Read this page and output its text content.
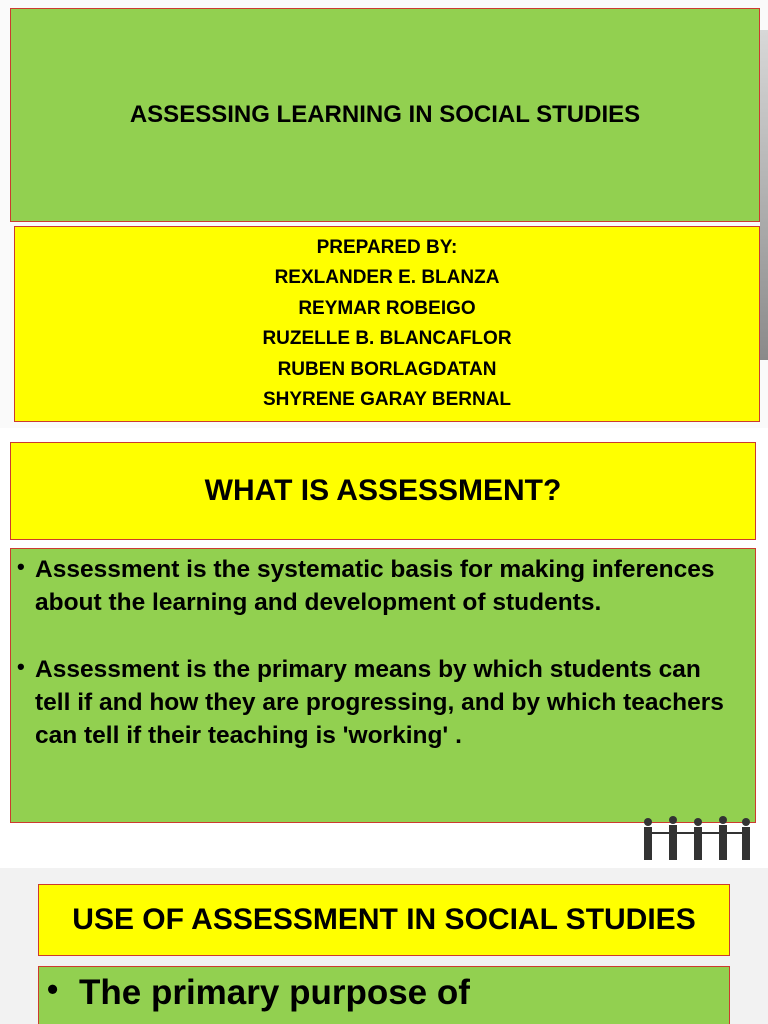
ASSESSING LEARNING IN SOCIAL STUDIES
PREPARED BY:
REXLANDER E. BLANZA
REYMAR ROBEIGO
RUZELLE B. BLANCAFLOR
RUBEN BORLAGDATAN
SHYRENE GARAY BERNAL
WHAT IS ASSESSMENT?
• Assessment is the systematic basis for making inferences about the learning and development of students.
• Assessment is the primary means by which students can tell if and how they are progressing, and by which teachers can tell if their teaching is 'working' .
USE OF ASSESSMENT IN SOCIAL STUDIES
• The primary purpose of
